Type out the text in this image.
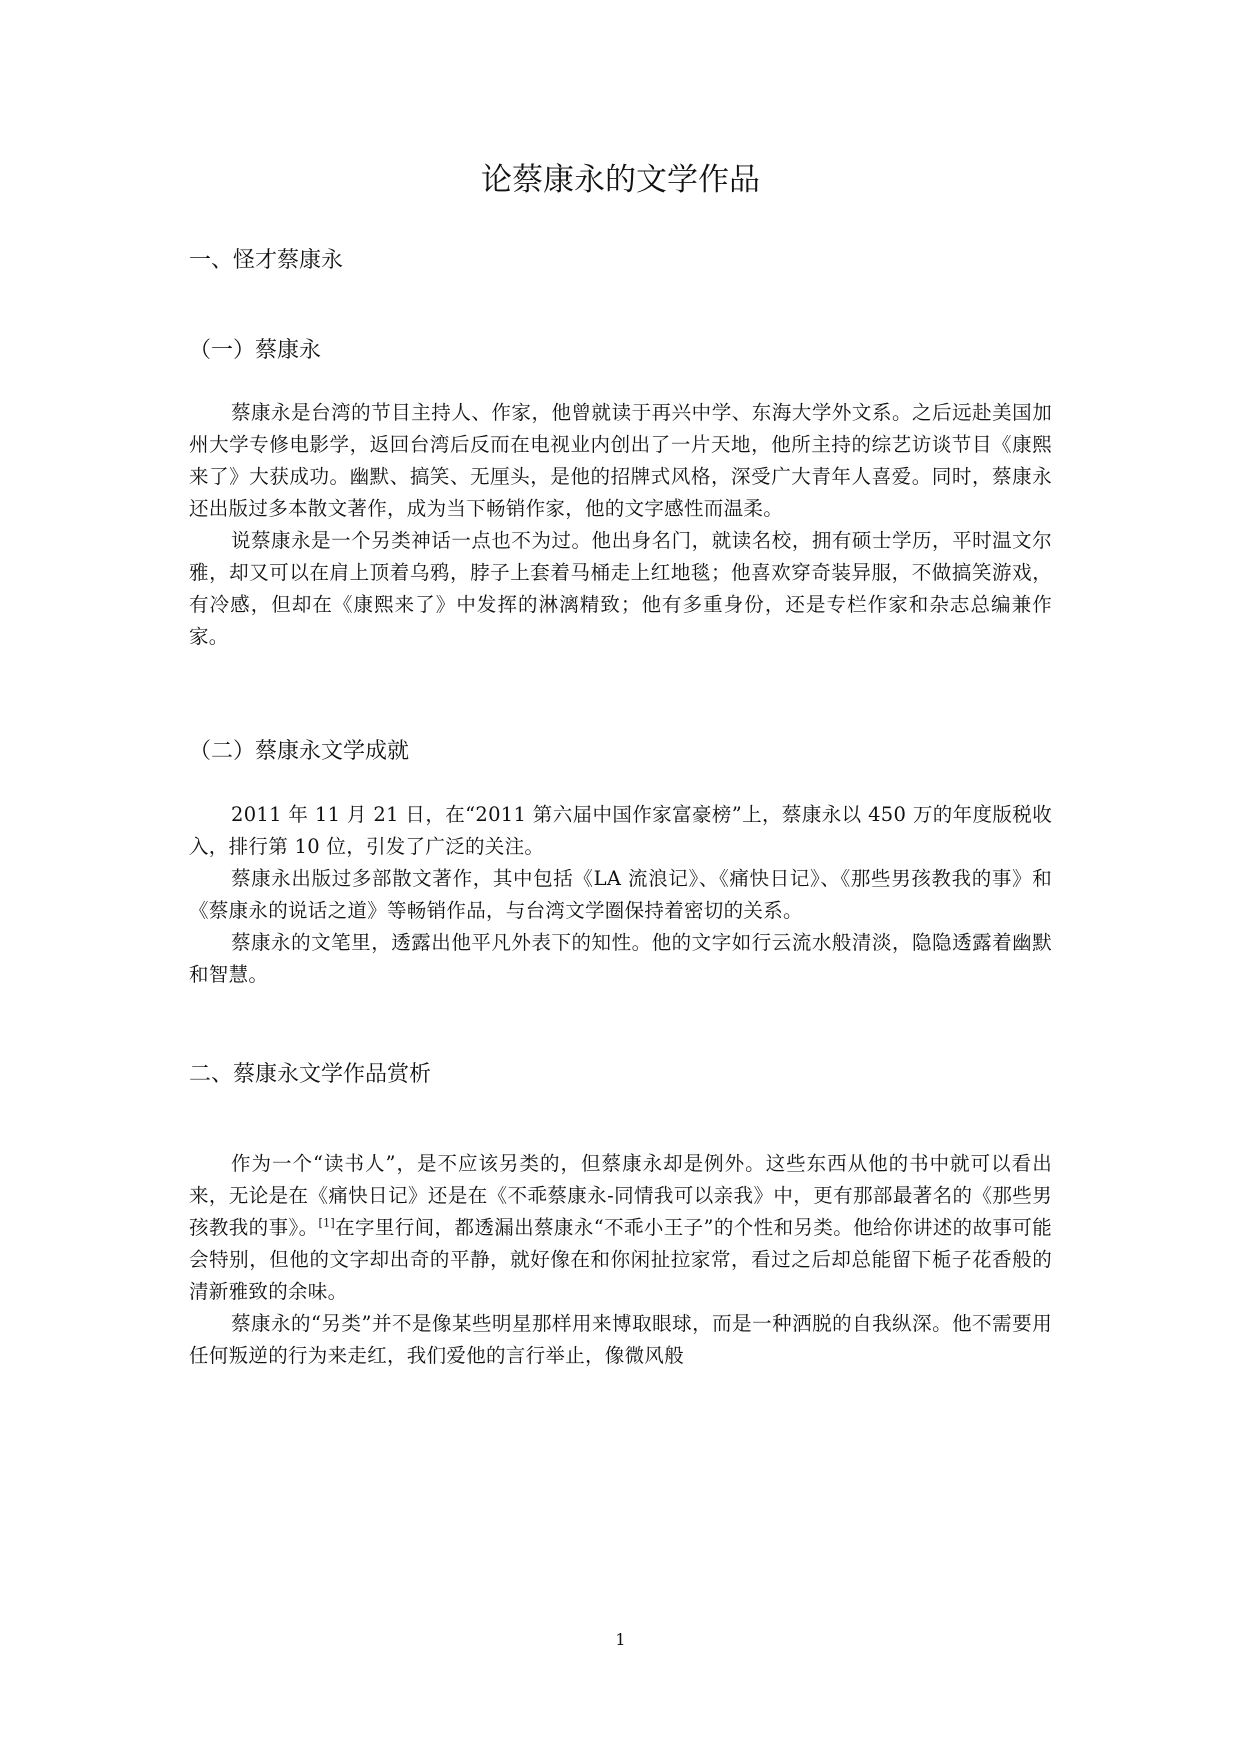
论蔡康永的文学作品
一、怪才蔡康永
（一）蔡康永

蔡康永是台湾的节目主持人、作家，他曾就读于再兴中学、东海大学外文系。之后远赴美国加州大学专修电影学，返回台湾后反而在电视业内创出了一片天地，他所主持的综艺访谈节目《康熙来了》大获成功。幽默、搞笑、无厘头，是他的招牌式风格，深受广大青年人喜爱。同时，蔡康永还出版过多本散文著作，成为当下畅销作家，他的文字感性而温柔。

说蔡康永是一个另类神话一点也不为过。他出身名门，就读名校，拥有硕士学历，平时温文尔雅，却又可以在肩上顶着乌鸦，脖子上套着马桶走上红地毯；他喜欢穿奇装异服，不做搞笑游戏，有冷感，但却在《康熙来了》中发挥的淋漓精致；他有多重身份，还是专栏作家和杂志总编兼作家。

（二）蔡康永文学成就

2011 年 11 月 21 日，在“2011 第六届中国作家富豪榜”上，蔡康永以 450 万的年度版税收入，排行第 10 位，引发了广泛的关注。

蔡康永出版过多部散文著作，其中包括《LA 流浪记》、《痛快日记》、《那些男孩教我的事》和《蔡康永的说话之道》等畅销作品，与台湾文学圈保持着密切的关系。

蔡康永的文笔里，透露出他平凡外表下的知性。他的文字如行云流水般清淡，隐隐透露着幽默和智慧。

二、蔡康永文学作品赏析

作为一个“读书人”，是不应该另类的，但蔡康永却是例外。这些东西从他的书中就可以看出来，无论是在《痛快日记》还是在《不乖蔡康永-同情我可以亲我》中，更有那部最著名的《那些男孩教我的事》。[1]在字里行间，都透漏出蔡康永“不乖小王子”的个性和另类。他给你讲述的故事可能会特别，但他的文字却出奇的平静，就好像在和你闲扯拉家常，看过之后却总能留下栀子花香般的清新雅致的余味。

蔡康永的“另类”并不是像某些明星那样用来博取眼球，而是一种洒脱的自我纵深。他不需要用任何叛逆的行为来走红，我们爱他的言行举止，像微风般

1
